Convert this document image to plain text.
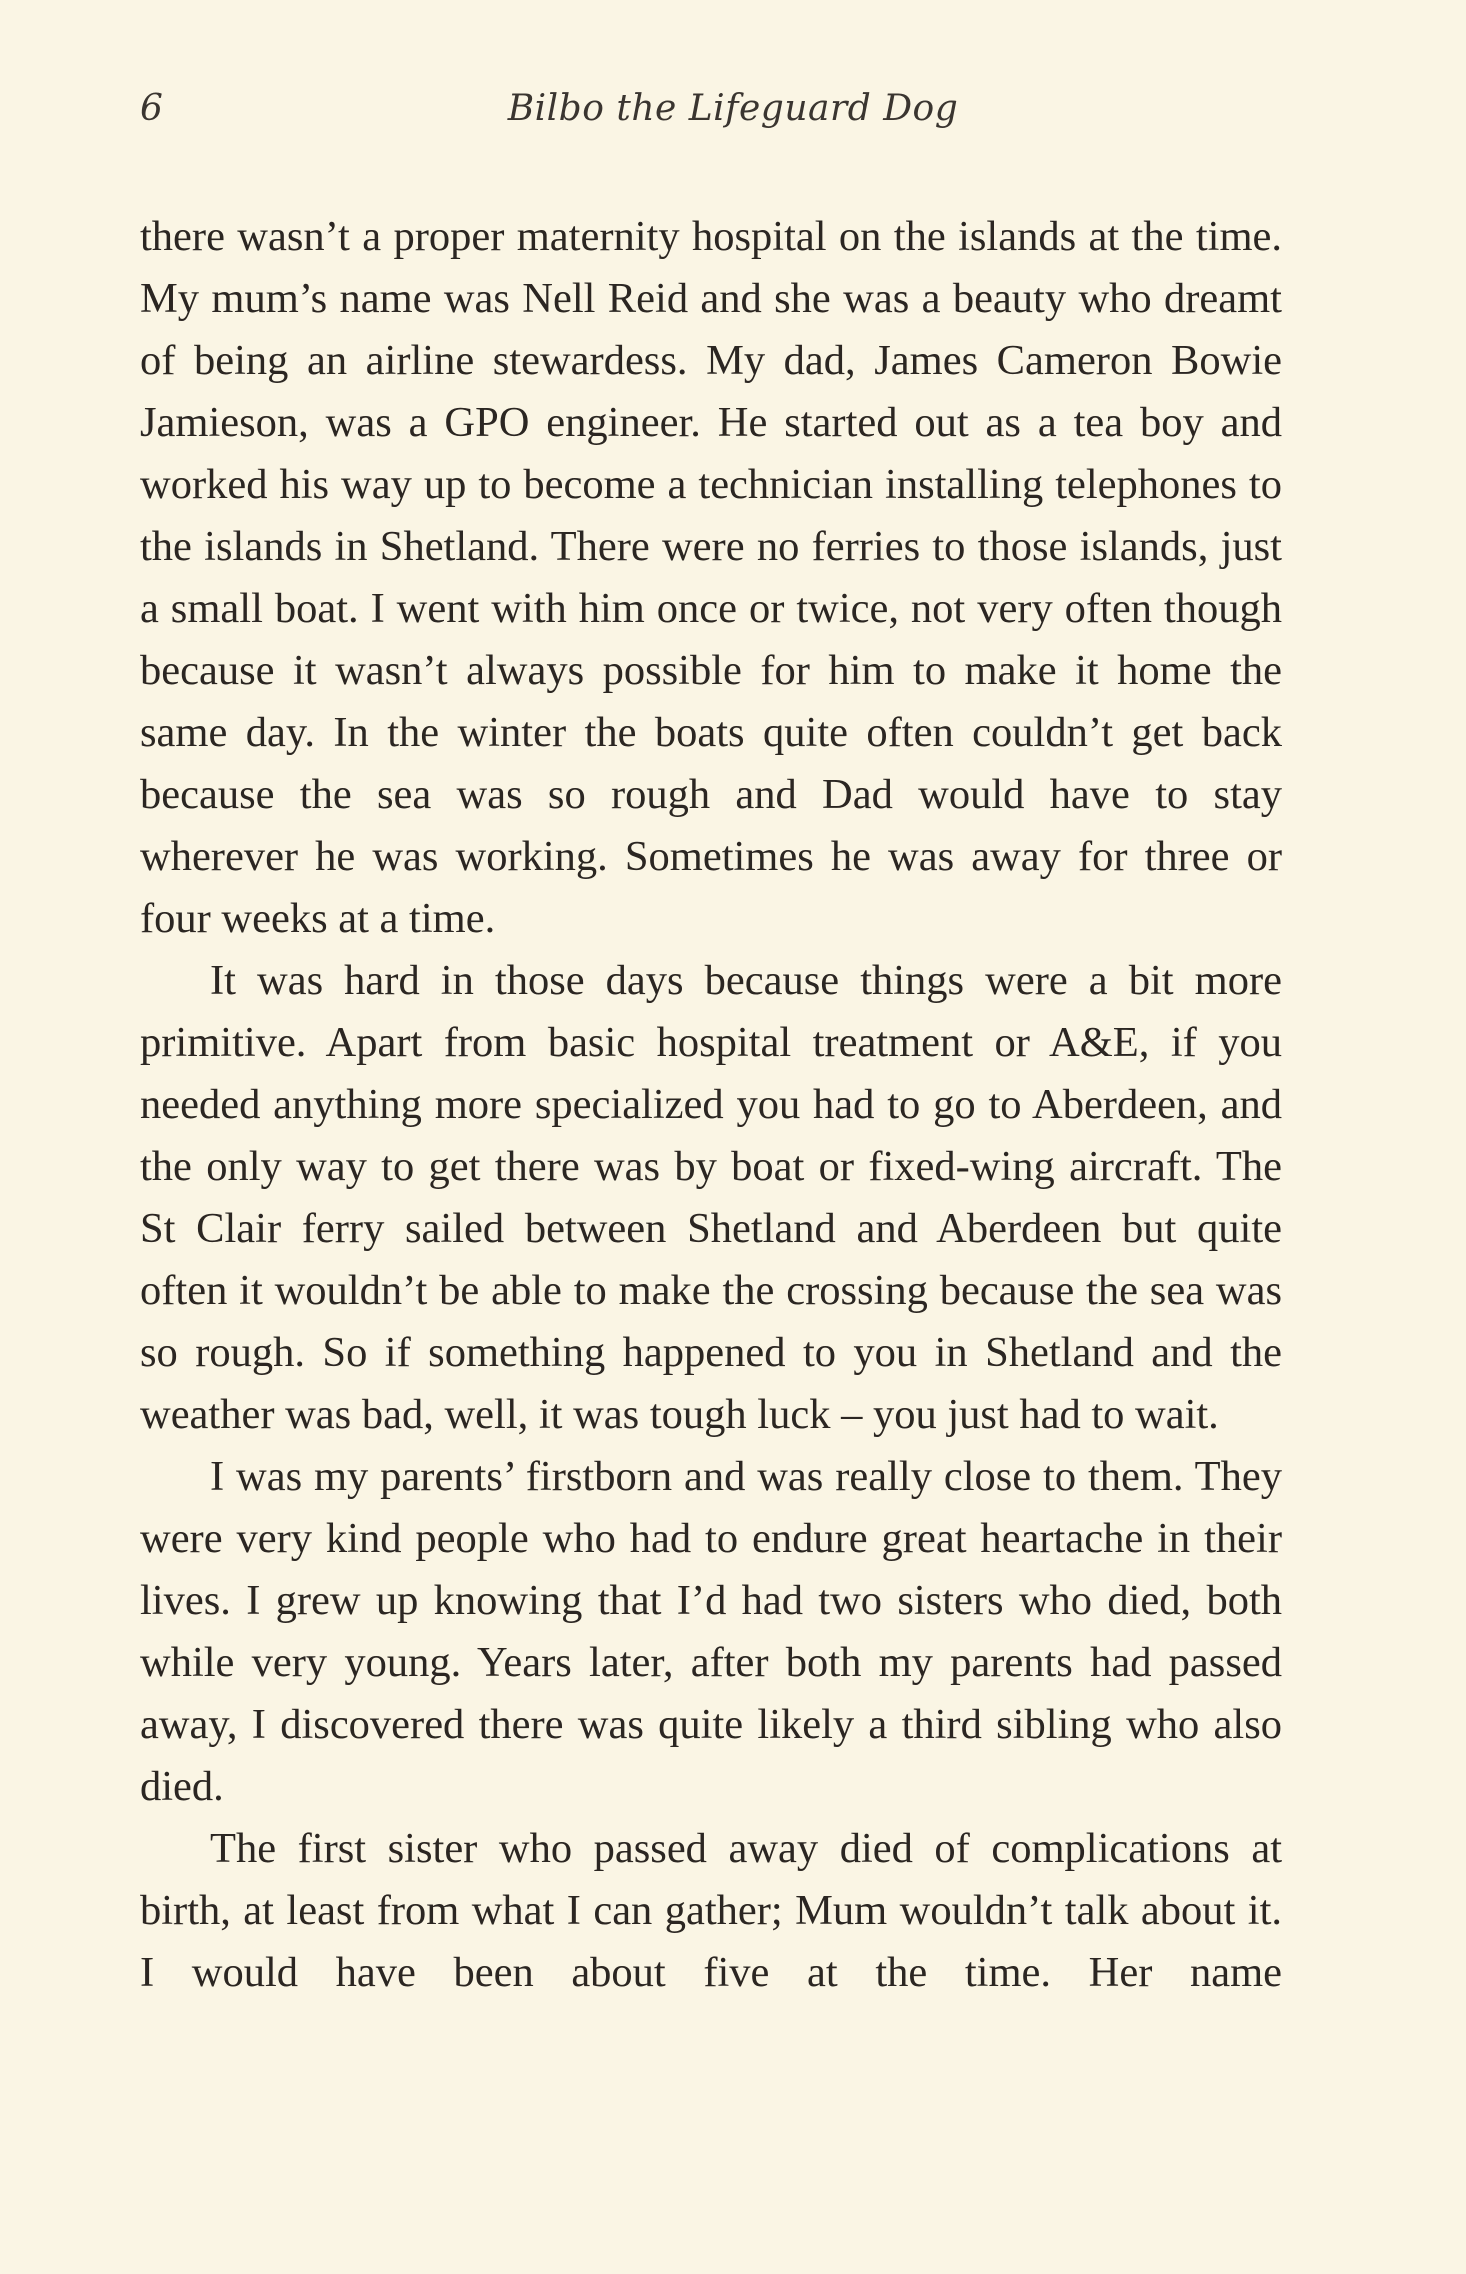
6	Bilbo the Lifeguard Dog

there wasn’t a proper maternity hospital on the islands at the time. My mum’s name was Nell Reid and she was a beauty who dreamt of being an airline stewardess. My dad, James Cameron Bowie Jamieson, was a GPO engineer. He started out as a tea boy and worked his way up to become a technician installing telephones to the islands in Shetland. There were no ferries to those islands, just a small boat. I went with him once or twice, not very often though because it wasn’t always possible for him to make it home the same day. In the winter the boats quite often couldn’t get back because the sea was so rough and Dad would have to stay wherever he was working. Sometimes he was away for three or four weeks at a time.

It was hard in those days because things were a bit more primitive. Apart from basic hospital treatment or A&E, if you needed anything more specialized you had to go to Aberdeen, and the only way to get there was by boat or fixed-wing aircraft. The St Clair ferry sailed between Shetland and Aberdeen but quite often it wouldn’t be able to make the crossing because the sea was so rough. So if something happened to you in Shetland and the weather was bad, well, it was tough luck – you just had to wait.

I was my parents’ firstborn and was really close to them. They were very kind people who had to endure great heartache in their lives. I grew up knowing that I’d had two sisters who died, both while very young. Years later, after both my parents had passed away, I discovered there was quite likely a third sibling who also died.

The first sister who passed away died of complications at birth, at least from what I can gather; Mum wouldn’t talk about it. I would have been about five at the time. Her name
